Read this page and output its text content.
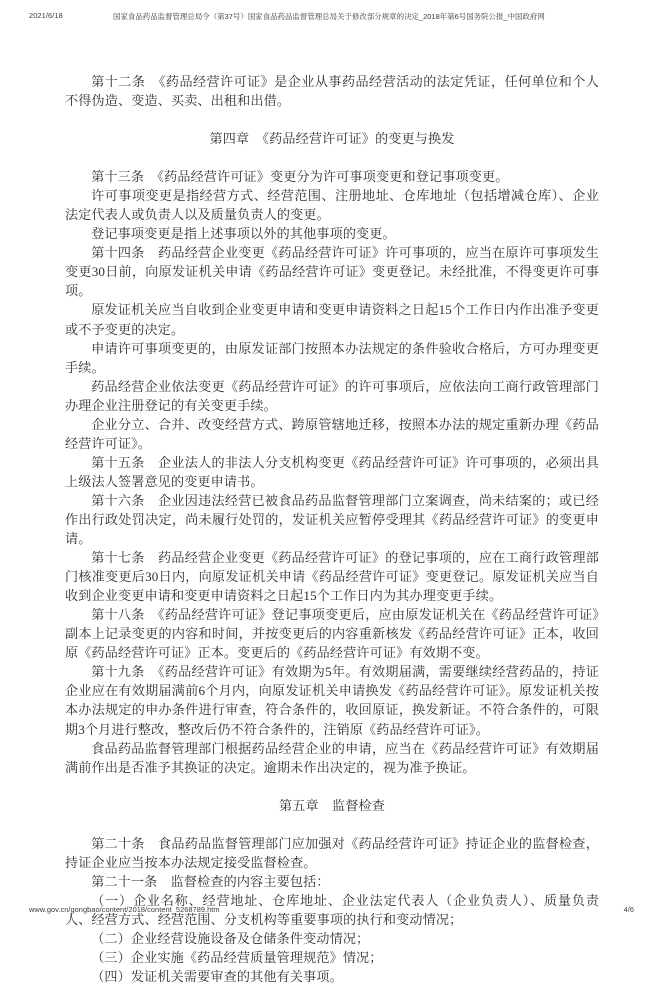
2021/6/18	国家食品药品监督管理总局令（第37号）国家食品药品监督管理总局关于修改部分规章的决定_2018年第6号国务院公报_中国政府网

第十二条　《药品经营许可证》是企业从事药品经营活动的法定凭证，任何单位和个人不得伪造、变造、买卖、出租和出借。

第四章　《药品经营许可证》的变更与换发

第十三条　《药品经营许可证》变更分为许可事项变更和登记事项变更。

许可事项变更是指经营方式、经营范围、注册地址、仓库地址（包括增减仓库）、企业法定代表人或负责人以及质量负责人的变更。

登记事项变更是指上述事项以外的其他事项的变更。

第十四条　药品经营企业变更《药品经营许可证》许可事项的，应当在原许可事项发生变更30日前，向原发证机关申请《药品经营许可证》变更登记。未经批准，不得变更许可事项。

原发证机关应当自收到企业变更申请和变更申请资料之日起15个工作日内作出准予变更或不予变更的决定。

申请许可事项变更的，由原发证部门按照本办法规定的条件验收合格后，方可办理变更手续。

药品经营企业依法变更《药品经营许可证》的许可事项后，应依法向工商行政管理部门办理企业注册登记的有关变更手续。

企业分立、合并、改变经营方式、跨原管辖地迁移，按照本办法的规定重新办理《药品经营许可证》。

第十五条　企业法人的非法人分支机构变更《药品经营许可证》许可事项的，必须出具上级法人签署意见的变更申请书。

第十六条　企业因违法经营已被食品药品监督管理部门立案调查，尚未结案的；或已经作出行政处罚决定，尚未履行处罚的，发证机关应暂停受理其《药品经营许可证》的变更申请。

第十七条　药品经营企业变更《药品经营许可证》的登记事项的，应在工商行政管理部门核准变更后30日内，向原发证机关申请《药品经营许可证》变更登记。原发证机关应当自收到企业变更申请和变更申请资料之日起15个工作日内为其办理变更手续。

第十八条　《药品经营许可证》登记事项变更后，应由原发证机关在《药品经营许可证》副本上记录变更的内容和时间，并按变更后的内容重新核发《药品经营许可证》正本，收回原《药品经营许可证》正本。变更后的《药品经营许可证》有效期不变。

第十九条　《药品经营许可证》有效期为5年。有效期届满，需要继续经营药品的，持证企业应在有效期届满前6个月内，向原发证机关申请换发《药品经营许可证》。原发证机关按本办法规定的申办条件进行审查，符合条件的，收回原证，换发新证。不符合条件的，可限期3个月进行整改，整改后仍不符合条件的，注销原《药品经营许可证》。

食品药品监督管理部门根据药品经营企业的申请，应当在《药品经营许可证》有效期届满前作出是否准予其换证的决定。逾期未作出决定的，视为准予换证。

第五章　监督检查

第二十条　食品药品监督管理部门应加强对《药品经营许可证》持证企业的监督检查，持证企业应当按本办法规定接受监督检查。

第二十一条　监督检查的内容主要包括：

（一）企业名称、经营地址、仓库地址、企业法定代表人（企业负责人）、质量负责人、经营方式、经营范围、分支机构等重要事项的执行和变动情况；

（二）企业经营设施设备及仓储条件变动情况；

（三）企业实施《药品经营质量管理规范》情况；

（四）发证机关需要审查的其他有关事项。

www.gov.cn/gongbao/content/2018/content_5268789.htm	4/6
